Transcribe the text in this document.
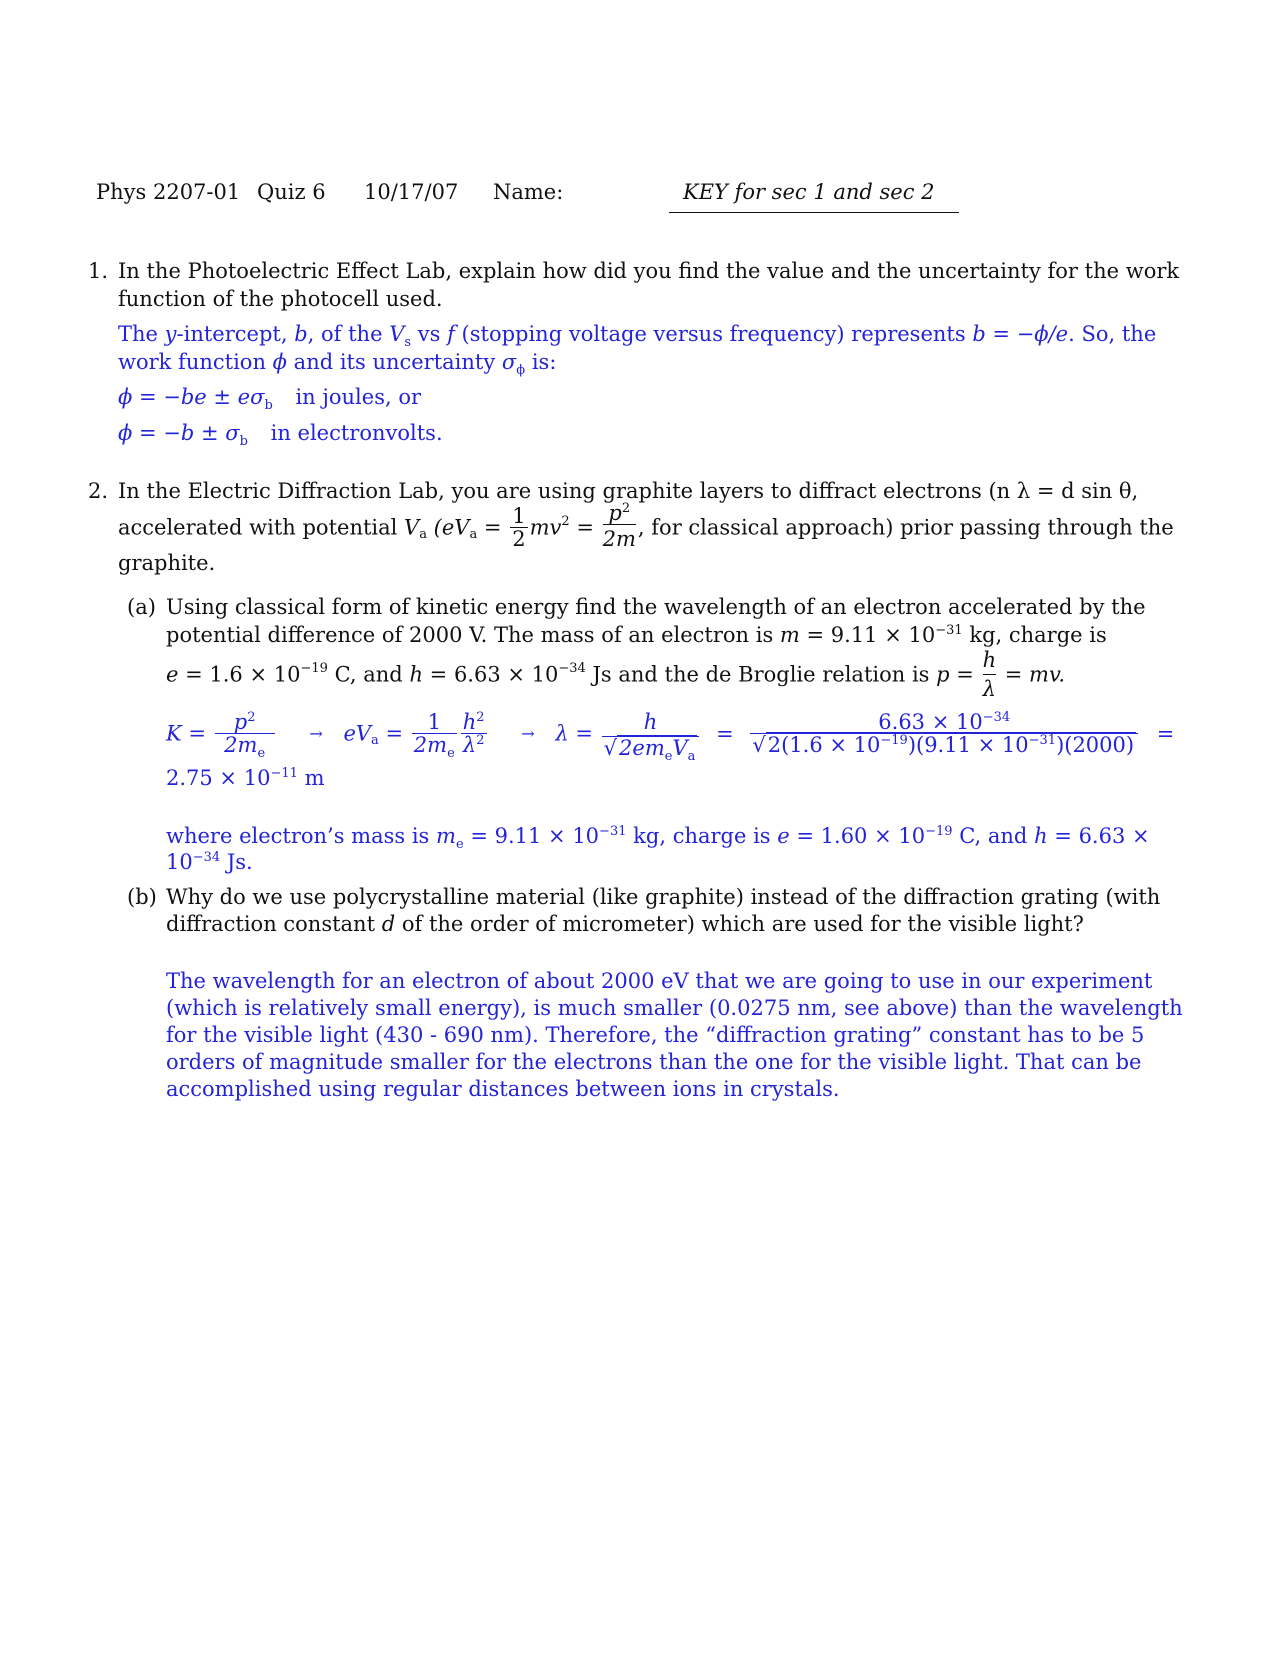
Phys 2207-01 Quiz 6 10/17/07 Name:	KEY for sec 1 and sec 2
1. In the Photoelectric Effect Lab, explain how did you find the value and the uncertainty for the work
function of the photocell used.
The y-intercept, b, of the $V_s$ vs f (stopping voltage versus frequency) represents b = −ϕ/e. So, the
work function ϕ and its uncertainty $\sigma_\phi$ is:
$\phi = -be \pm e\sigma_b$ in joules, or
$\phi = -b \pm \sigma_b$ in electronvolts.
2. In the Electric Diffraction Lab, you are using graphite layers to diffract electrons (n λ = d sin θ,
accelerated with potential $V_a$ ($eV_a = \frac{1}{2} mv^2 = \frac{p^2}{2m}$, for classical approach) prior passing through the
graphite.
(a) Using classical form of kinetic energy find the wavelength of an electron accelerated by the
potential difference of 2000 V. The mass of an electron is $m = 9.11 \times 10^{-31}$ kg, charge is
$e = 1.6 \times 10^{-19}$ C, and $h = 6.63 \times 10^{-34}$ Js and the de Broglie relation is $p = \frac{h}{\lambda}$ = mv.
$K = \frac{p^2}{2m_e} \to eV_a = \frac{1}{2m_e} \frac{h^2}{\lambda^2} \to \lambda = \frac{h}{√2em_eV_a} = \frac{6.63 \times 10^{-34}}{√2(1.6 \times 10^{-19})(9.11 \times 10^{-31})(2000)}$ =
$2.75 \times 10^{-11}$ m
where electron’s mass is $m_e = 9.11 \times 10^{-31}$ kg, charge is $e = 1.60 \times 10^{-19}$ C, and h = 6.63 ×
$10^{-34}$ Js.
(b) Why do we use polycrystalline material (like graphite) instead of the diffraction grating (with
diffraction constant d of the order of micrometer) which are used for the visible light?
The wavelength for an electron of about 2000 eV that we are going to use in our experiment
(which is relatively small energy), is much smaller (0.0275 nm, see above) than the wavelength
for the visible light (430 - 690 nm). Therefore, the “diffraction grating” constant has to be 5
orders of magnitude smaller for the electrons than the one for the visible light. That can be
accomplished using regular distances between ions in crystals.
